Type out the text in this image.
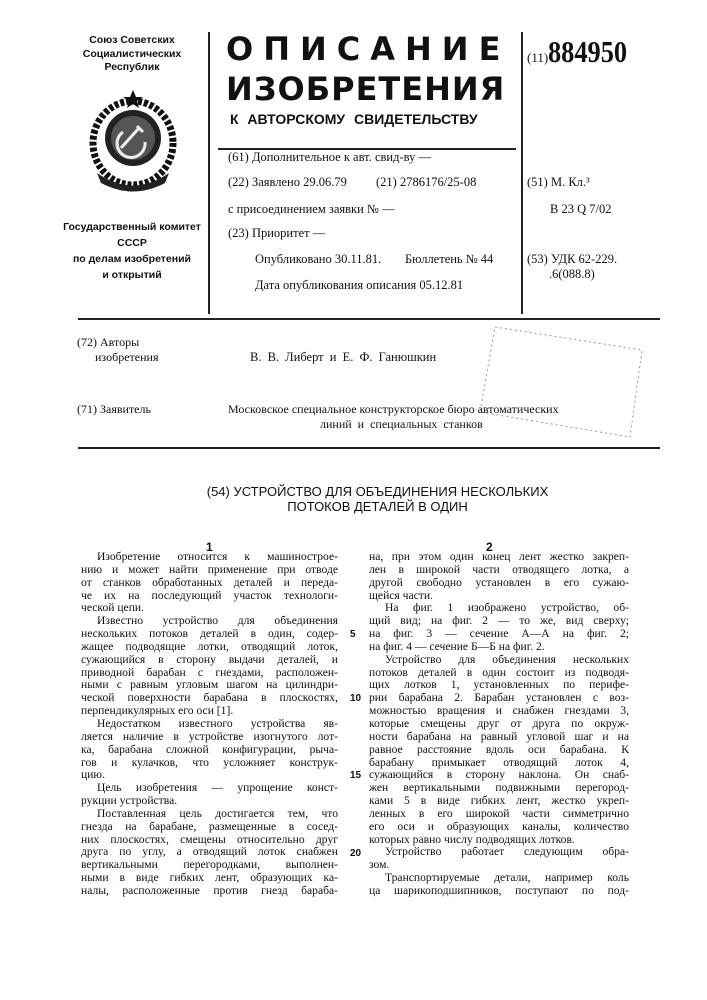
Союз Советских
Социалистических
Республик
Государственный комитет
СССР
по делам изобретений
и открытий
ОПИСАНИЕ
ИЗОБРЕТЕНИЯ
К АВТОРСКОМУ СВИДЕТЕЛЬСТВУ
(11)884950
(61) Дополнительное к авт. свид-ву —
(22) Заявлено 29.06.79 (21) 2786176/25-08
с присоединением заявки № —
(23) Приоритет —
Опубликовано 30.11.81. Бюллетень № 44
Дата опубликования описания 05.12.81
(51) М. Кл.³
В 23 Q 7/02
(53) УДК 62-229.
.6(088.8)
(72) Авторы
изобретения	В. В. Либерт и Е. Ф. Ганюшкин
(71) Заявитель	Московское специальное конструкторское бюро автоматических
линий и специальных станков
(54) УСТРОЙСТВО ДЛЯ ОБЪЕДИНЕНИЯ НЕСКОЛЬКИХ
ПОТОКОВ ДЕТАЛЕЙ В ОДИН
1	2
Изобретение относится к машинострое-
нию и может найти применение при отводе
от станков обработанных деталей и переда-
че их на последующий участок технологи-
ческой цепи.
Известно устройство для объединения
нескольких потоков деталей в один, содер-
жащее подводящие лотки, отводящий лоток,
сужающийся в сторону выдачи деталей, и
приводной барабан с гнездами, расположен-
ными с равным угловым шагом на цилиндри-
ческой поверхности барабана в плоскостях,
перпендикулярных его оси [1].
Недостатком известного устройства яв-
ляется наличие в устройстве изогнутого лот-
ка, барабана сложной конфигурации, рыча-
гов и кулачков, что усложняет конструк-
цию.
Цель изобретения — упрощение конст-
рукции устройства.
Поставленная цель достигается тем, что
гнезда на барабане, размещенные в сосед-
них плоскостях, смещены относительно друг
друга по углу, а отводящий лоток снабжен
вертикальными перегородками, выполнен-
ными в виде гибких лент, образующих ка-
налы, расположенные против гнезд бараба-
на, при этом один конец лент жестко закреп-
лен в широкой части отводящего лотка, а
другой свободно установлен в его сужаю-
щейся части.
На фиг. 1 изображено устройство, об-
щий вид; на фиг. 2 — то же, вид сверху;
на фиг. 3 — сечение А—А на фиг. 2;
на фиг. 4 — сечение Б—Б на фиг. 2.
Устройство для объединения нескольких
потоков деталей в один состоит из подводя-
щих лотков 1, установленных по перифе-
рии барабана 2. Барабан установлен с воз-
можностью вращения и снабжен гнездами 3,
которые смещены друг от друга по окруж-
ности барабана на равный угловой шаг и на
равное расстояние вдоль оси барабана. К
барабану примыкает отводящий лоток 4,
сужающийся в сторону наклона. Он снаб-
жен вертикальными подвижными перегород-
ками 5 в виде гибких лент, жестко укреп-
ленных в его широкой части симметрично
его оси и образующих каналы, количество
которых равно числу подводящих лотков.
Устройство работает следующим обра-
зом.
Транспортируемые детали, например коль
ца шарикоподшипников, поступают по под-
5
10
15
20
